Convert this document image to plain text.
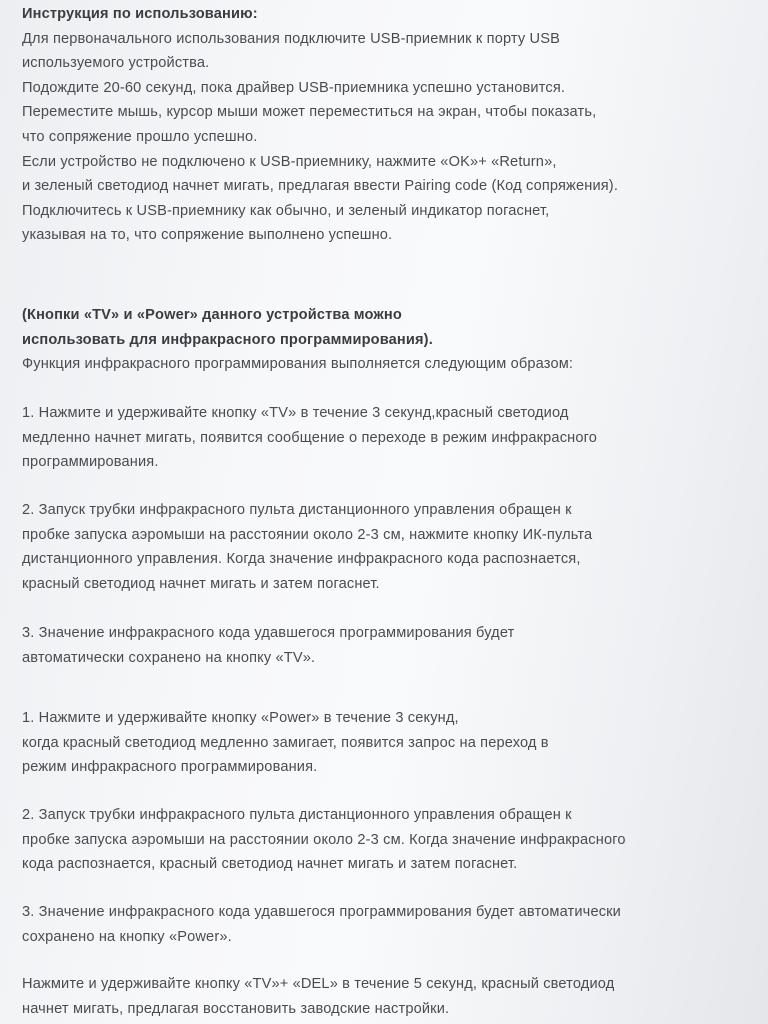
Инструкция по использованию:
Для первоначального использования подключите USB-приемник к порту USB
используемого устройства.
Подождите 20-60 секунд, пока драйвер USB-приемника успешно установится.
Переместите мышь, курсор мыши может переместиться на экран, чтобы показать,
что сопряжение прошло успешно.
Если устройство не подключено к USB-приемнику, нажмите «OK»+ «Return»,
и зеленый светодиод начнет мигать, предлагая ввести Pairing code (Код сопряжения).
Подключитесь к USB-приемнику как обычно, и зеленый индикатор погаснет,
указывая на то, что сопряжение выполнено успешно.
(Кнопки «TV» и «Power» данного устройства можно
использовать для инфракрасного программирования).
Функция инфракрасного программирования выполняется следующим образом:
1. Нажмите и удерживайте кнопку «TV» в течение 3 секунд,красный светодиод
медленно начнет мигать, появится сообщение о переходе в режим инфракрасного
программирования.
2. Запуск трубки инфракрасного пульта дистанционного управления обращен к
пробке запуска аэромыши на расстоянии около 2-3 см, нажмите кнопку ИК-пульта
дистанционного управления. Когда значение инфракрасного кода распознается,
красный светодиод начнет мигать и затем погаснет.
3. Значение инфракрасного кода удавшегося программирования будет
автоматически сохранено на кнопку «TV».
1. Нажмите и удерживайте кнопку «Power» в течение 3 секунд,
когда красный светодиод медленно замигает, появится запрос на переход в
режим инфракрасного программирования.
2. Запуск трубки инфракрасного пульта дистанционного управления обращен к
пробке запуска аэромыши на расстоянии около 2-3 см. Когда значение инфракрасного
кода распознается, красный светодиод начнет мигать и затем погаснет.
3. Значение инфракрасного кода удавшегося программирования будет автоматически
сохранено на кнопку «Power».
Нажмите и удерживайте кнопку «TV»+ «DEL» в течение 5 секунд, красный светодиод
начнет мигать, предлагая восстановить заводские настройки.
